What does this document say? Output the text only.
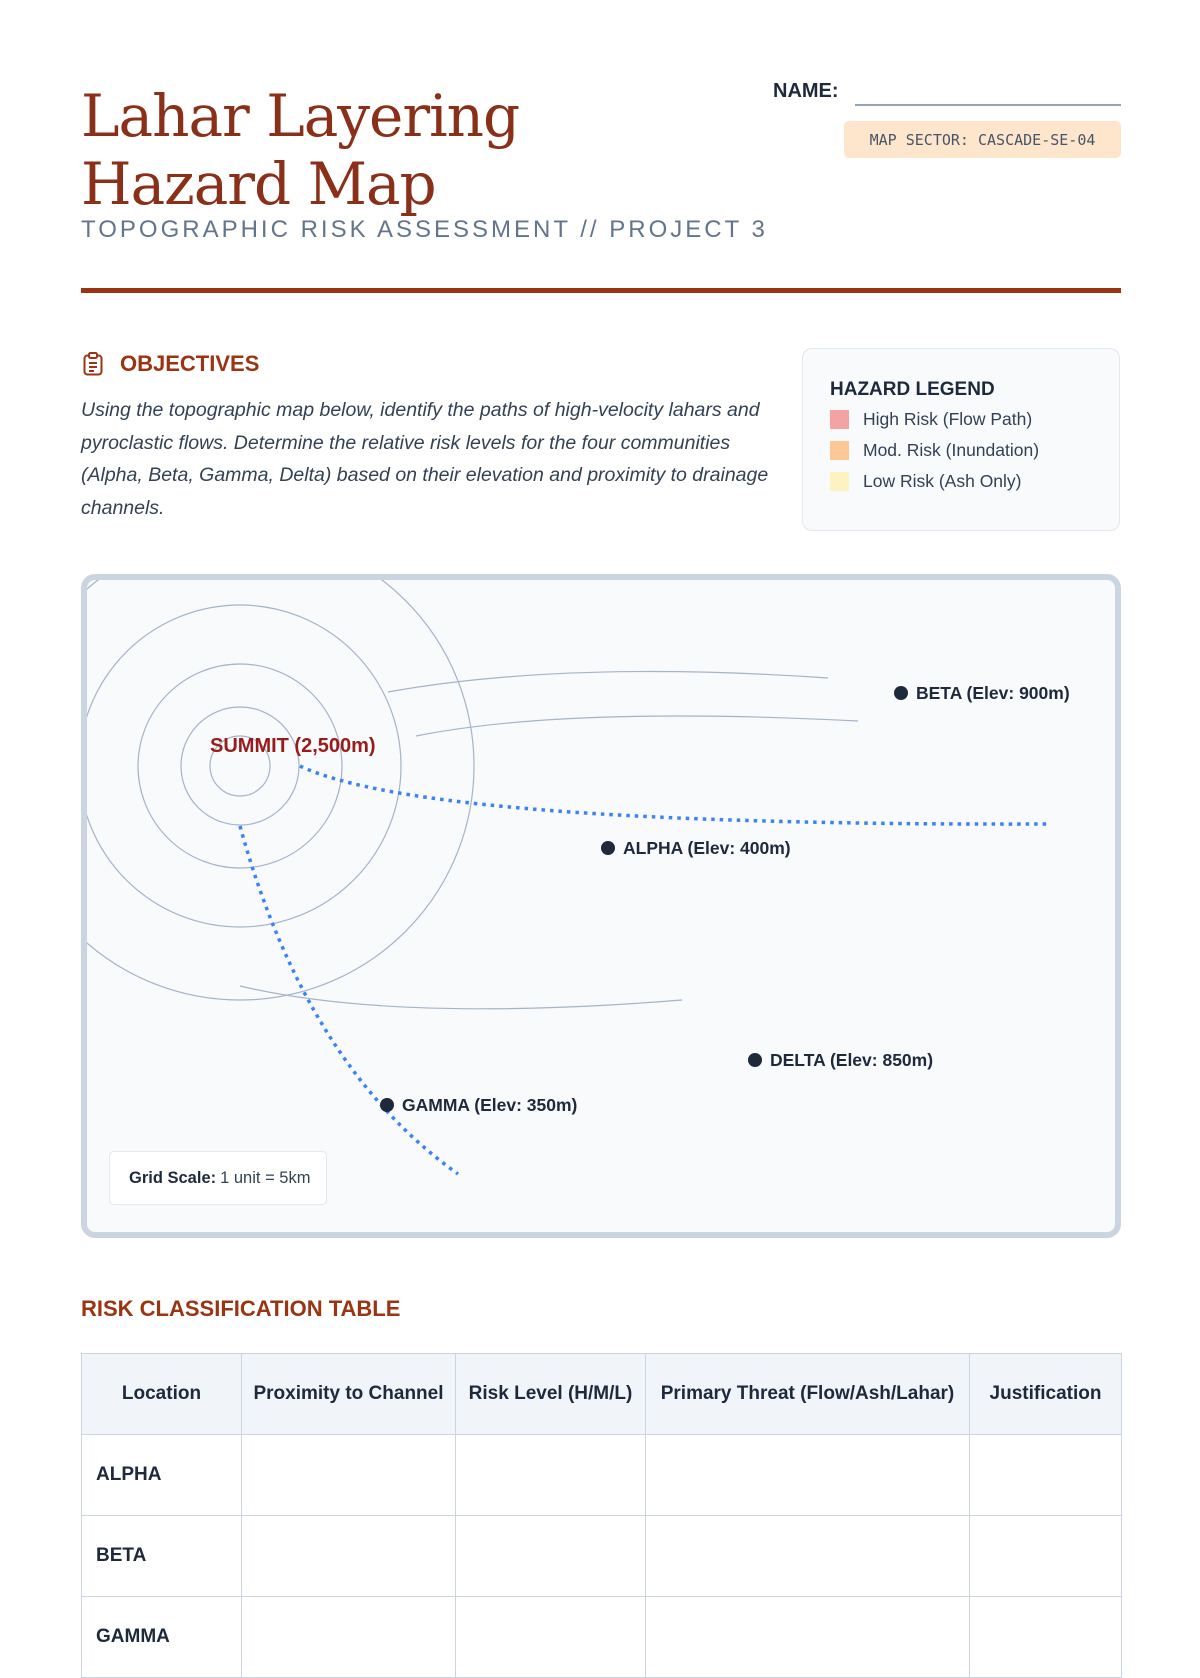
Lahar Layering Hazard Map
TOPOGRAPHIC RISK ASSESSMENT // PROJECT 3
NAME:
MAP SECTOR: CASCADE-SE-04
OBJECTIVES

Using the topographic map below, identify the paths of high-velocity lahars and pyroclastic flows. Determine the relative risk levels for the four communities (Alpha, Beta, Gamma, Delta) based on their elevation and proximity to drainage channels.

HAZARD LEGEND
High Risk (Flow Path)
Mod. Risk (Inundation)
Low Risk (Ash Only)
SUMMIT (2,500m)
BETA (Elev: 900m)
ALPHA (Elev: 400m)
DELTA (Elev: 850m)
GAMMA (Elev: 350m)
Grid Scale: 1 unit = 5km
RISK CLASSIFICATION TABLE
Location	Proximity to Channel	Risk Level (H/M/L)	Primary Threat (Flow/Ash/Lahar)	Justification
ALPHA				
BETA				
GAMMA				
